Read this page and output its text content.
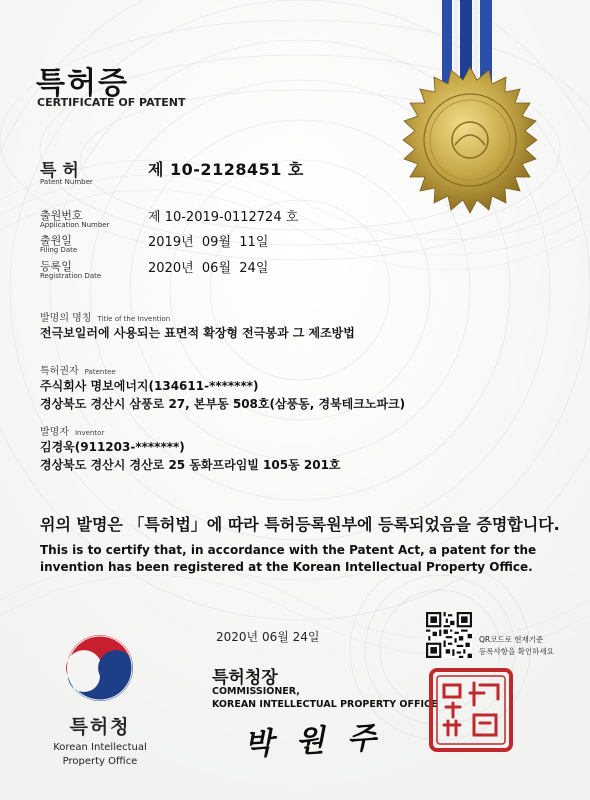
특허증
CERTIFICATE OF PATENT
특 허
Patent Number
제 10-2128451 호
출원번호
Application Number	제 10-2019-0112724 호
출원일
Filing Date	2019년  09월  11일
등록일
Registration Date	2020년  06월  24일
발명의 명칭 Title of the Invention
전극보일러에 사용되는 표면적 확장형 전극봉과 그 제조방법
특허권자 Patentee
주식회사 명보에너지(134611-*******)
경상북도 경산시 삼풍로 27, 본부동 508호(삼풍동, 경북테크노파크)
발명자 Inventor
김경욱(911203-*******)
경상북도 경산시 경산로 25 동화프라임빌 105동 201호
위의 발명은 「특허법」에 따라 특허등록원부에 등록되었음을 증명합니다.
This is to certify that, in accordance with the Patent Act, a patent for the invention has been registered at the Korean Intellectual Property Office.
2020년 06월 24일
특허청장
COMMISSIONER,
KOREAN INTELLECTUAL PROPERTY OFFICE
박 원 주
QR코드로 현재기준
등록사항을 확인하세요
특허청
Korean Intellectual
Property Office
